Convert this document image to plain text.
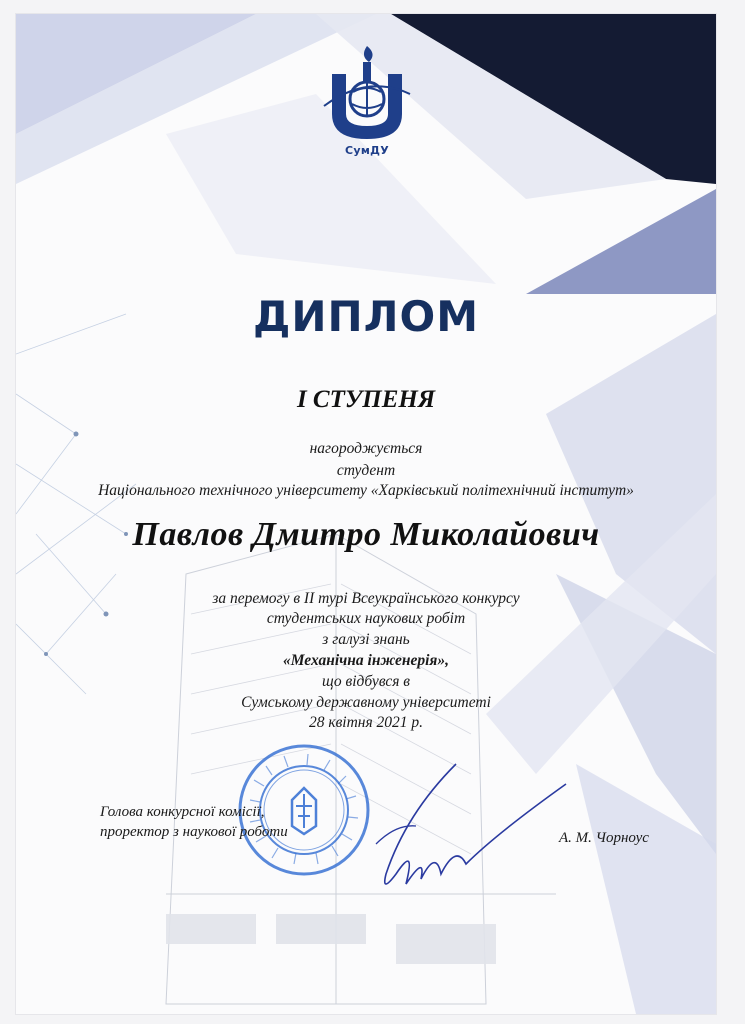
СумДУ
ДИПЛОМ
І СТУПЕНЯ
нагороджується
студент
Національного технічного університету «Харківський політехнічний інститут»
Павлов Дмитро Миколайович
за перемогу в ІІ турі Всеукраїнського конкурсу
студентських наукових робіт
з галузі знань
«Механічна інженерія»,
що відбувся в
Сумському державному університеті
28 квітня 2021 р.
Голова конкурсної комісії,
проректор з наукової роботи	А. М. Чорноус
